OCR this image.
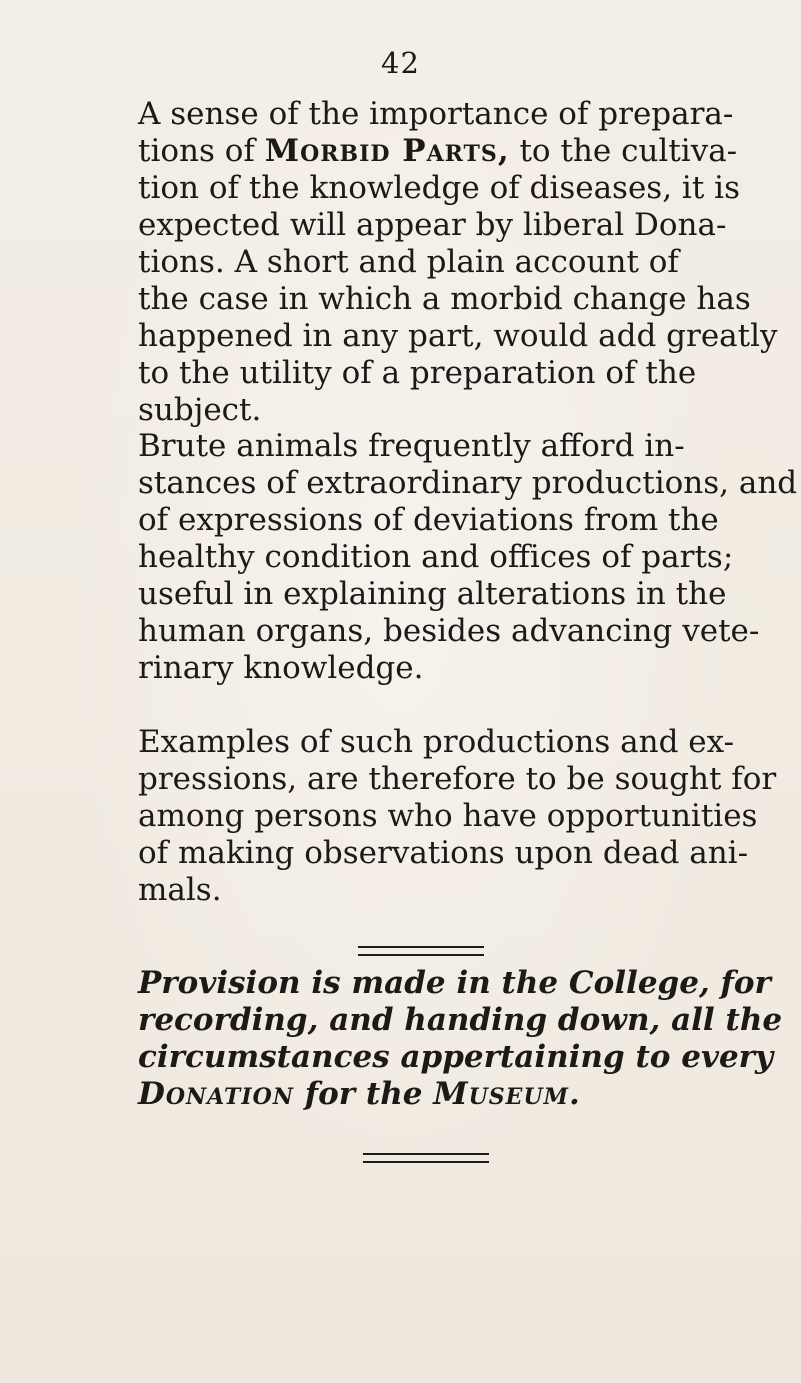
42
A sense of the importance of prepara-
tions of Morbid Parts, to the cultiva-
tion of the knowledge of diseases, it is
expected will appear by liberal Dona-
tions. A short and plain account of
the case in which a morbid change has
happened in any part, would add greatly
to the utility of a preparation of the
subject.
Brute animals frequently afford in-
stances of extraordinary productions, and
of expressions of deviations from the
healthy condition and offices of parts;
useful in explaining alterations in the
human organs, besides advancing vete-
rinary knowledge.
Examples of such productions and ex-
pressions, are therefore to be sought for
among persons who have opportunities
of making observations upon dead ani-
mals.
Provision is made in the College, for
recording, and handing down, all the
circumstances appertaining to every
Donation for the Museum.
